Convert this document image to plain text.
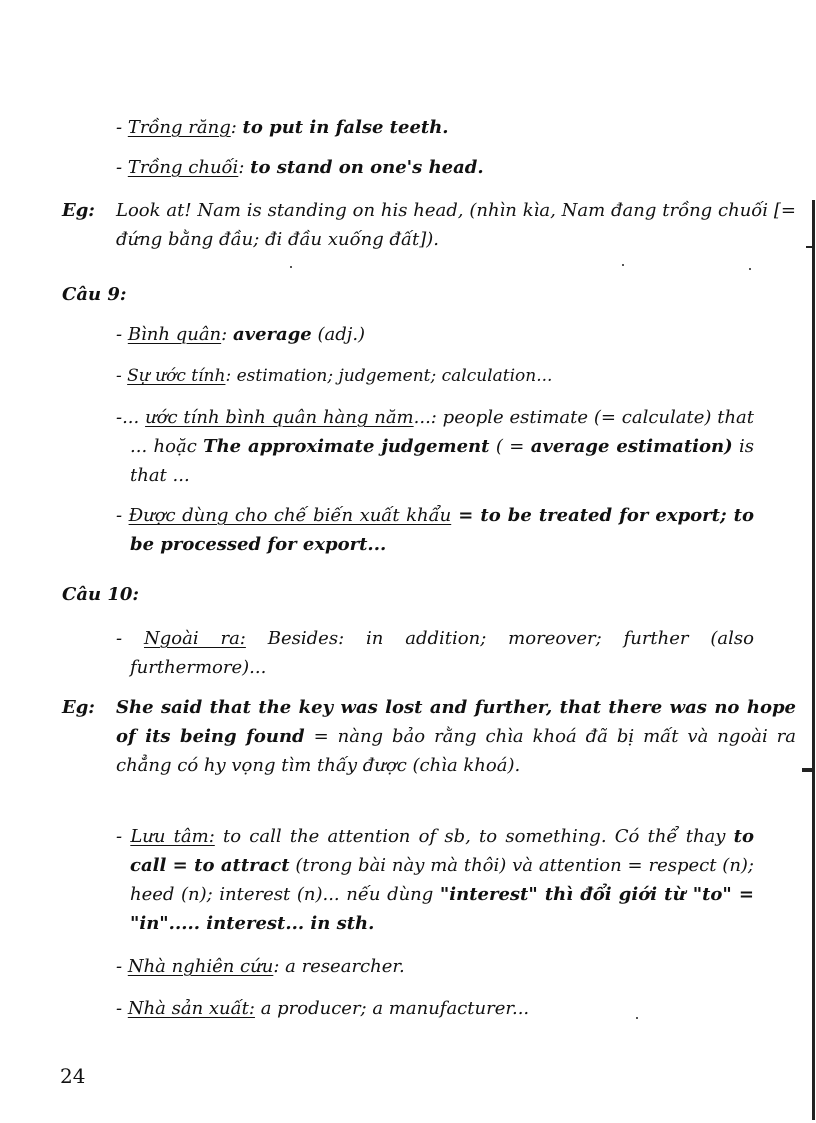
- Trồng răng: to put in false teeth.
- Trồng chuối: to stand on one's head.
Eg: Look at! Nam is standing on his head, (nhìn kìa, Nam đang trồng chuối [= đứng bằng đầu; đi đầu xuống đất]).
Câu 9:
- Bình quân: average (adj.)
- Sự ước tính: estimation; judgement; calculation...
-... ước tính bình quân hàng năm...: people estimate (= calculate) that ... hoặc The approximate judgement ( = average estimation) is that ...
- Được dùng cho chế biến xuất khẩu = to be treated for export; to be processed for export...
Câu 10:
- Ngoài ra: Besides: in addition; moreover; further (also furthermore)...
Eg: She said that the key was lost and further, that there was no hope of its being found = nàng bảo rằng chìa khoá đã bị mất và ngoài ra chẳng có hy vọng tìm thấy được (chìa khoá).
- Lưu tâm: to call the attention of sb, to something. Có thể thay to call = to attract (trong bài này mà thôi) và attention = respect (n); heed (n); interest (n)... nếu dùng "interest" thì đổi giới từ "to" = "in"..... interest... in sth.
- Nhà nghiên cứu: a researcher.
- Nhà sản xuất: a producer; a manufacturer...
24
